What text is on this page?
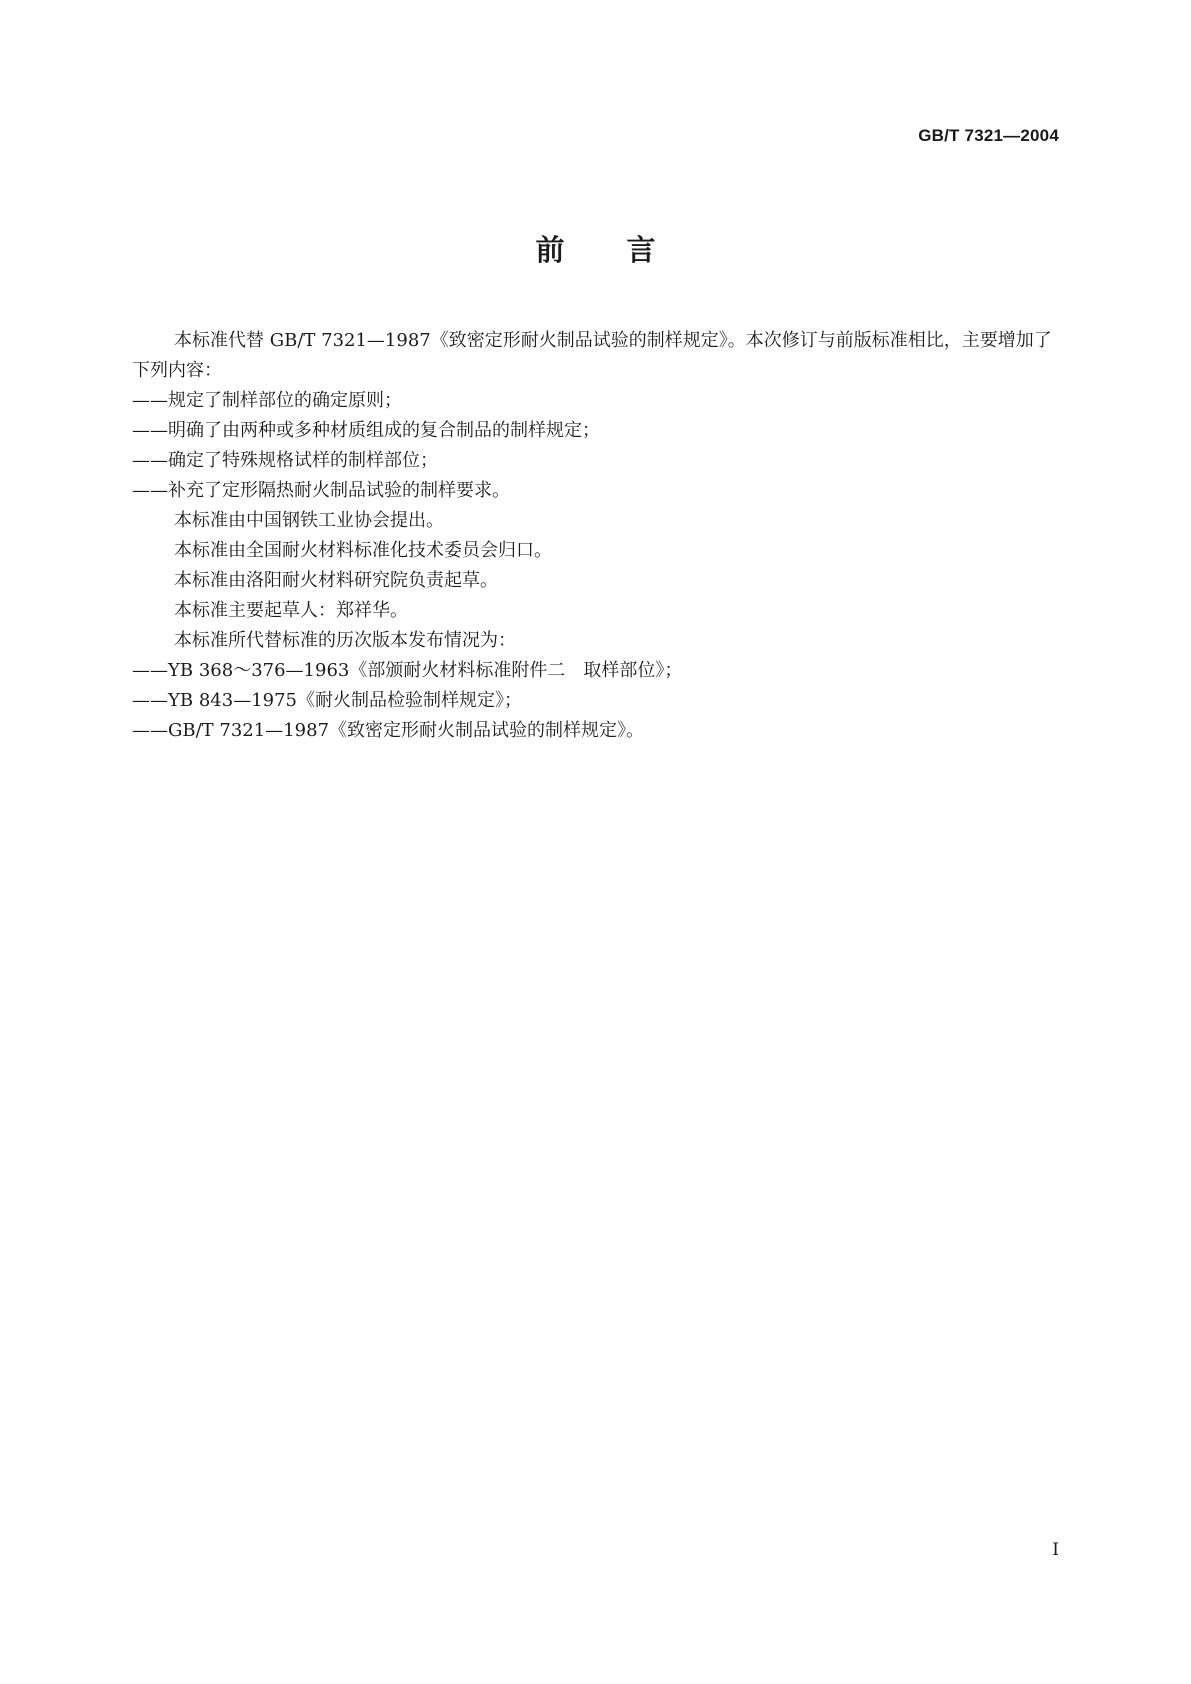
GB/T 7321—2004
前言

本标准代替 GB/T 7321—1987《致密定形耐火制品试验的制样规定》。本次修订与前版标准相比，主要增加了下列内容：

——规定了制样部位的确定原则；

——明确了由两种或多种材质组成的复合制品的制样规定；

——确定了特殊规格试样的制样部位；

——补充了定形隔热耐火制品试验的制样要求。

本标准由中国钢铁工业协会提出。

本标准由全国耐火材料标准化技术委员会归口。

本标准由洛阳耐火材料研究院负责起草。

本标准主要起草人：郑祥华。

本标准所代替标准的历次版本发布情况为：

——YB 368～376—1963《部颁耐火材料标准附件二　取样部位》；

——YB 843—1975《耐火制品检验制样规定》；

——GB/T 7321—1987《致密定形耐火制品试验的制样规定》。

I
